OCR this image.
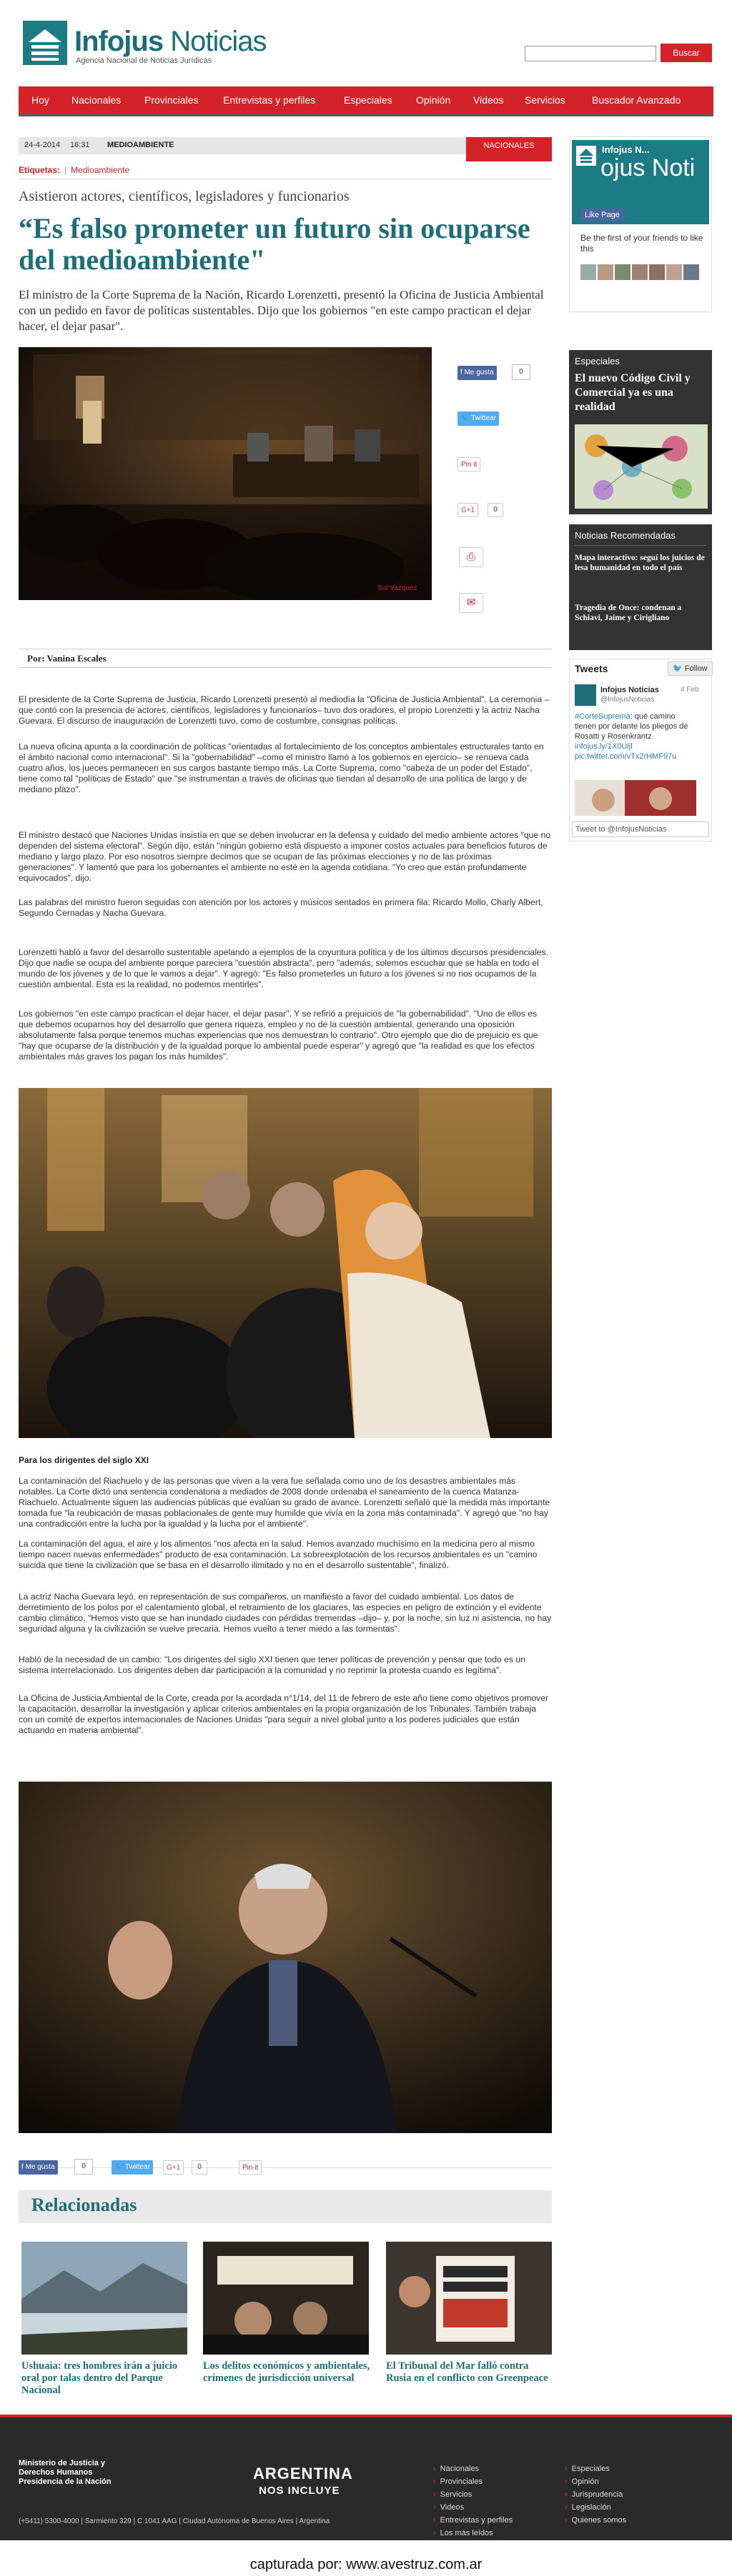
Infojus Noticias
Agencia Nacional de Noticias Jurídicas
Buscar
Hoy Nacionales Provinciales Entrevistas y perfiles	Especiales Opinión Videos Servicios	Buscador Avanzado
24-4-2014 16:31 MEDIOAMBIENTE	NACIONALES
Etiquetas: | Medioambiente
Asistieron actores, científicos, legisladores y funcionarios
“Es falso prometer un futuro sin ocuparse del medioambiente"
El ministro de la Corte Suprema de la Nación, Ricardo Lorenzetti, presentó la Oficina de Justicia Ambiental con un pedido en favor de políticas sustentables. Dijo que los gobiernos "en este campo practican el dejar hacer, el dejar pasar".
Sol Vazquez
f Me gusta	0
🐦 Twittear
Pin it
G+1	0
⎙
✉
Por: Vanina Escales

El presidente de la Corte Suprema de Justicia, Ricardo Lorenzetti presentó al mediodía la "Oficina de Justicia Ambiental". La ceremonia –que contó con la presencia de actores, científicos, legisladores y funcionarios– tuvo dos oradores, el propio Lorenzetti y la actriz Nacha Guevara. El discurso de inauguración de Lorenzetti tuvo, como de costumbre, consignas políticas.

La nueva oficina apunta a la coordinación de políticas "orientadas al fortalecimiento de los conceptos ambientales estructurales tanto en el ámbito nacional como internacional". Si la "gobernabilidad" –como el ministro llamó a los gobiernos en ejercicio– se renueva cada cuatro años, los jueces permanecen en sus cargos bastante tiempo más. La Corte Suprema, como "cabeza de un poder del Estado", tiene como tal "políticas de Estado" que "se instrumentan a través de oficinas que tiendan al desarrollo de una política de largo y de mediano plazo".

El ministro destacó que Naciones Unidas insistía en que se deben involucrar en la defensa y cuidado del medio ambiente actores "que no dependen del sistema electoral". Según dijo, están "ningún gobierno está dispuesto a imponer costos actuales para beneficios futuros de mediano y largo plazo. Por eso nosotros siempre decimos que se ocupan de las próximas elecciones y no de las próximas generaciones". Y lamentó que para los gobernantes el ambiente no esté en la agenda cotidiana. "Yo creo que están profundamente equivocados", dijo.

Las palabras del ministro fueron seguidas con atención por los actores y músicos sentados en primera fila: Ricardo Mollo, Charly Albert, Segundo Cernadas y Nacha Guevara.

Lorenzetti habló a favor del desarrollo sustentable apelando a ejemplos de la coyuntura política y de los últimos discursos presidenciales. Dijo que nadie se ocupa del ambiente porque pareciera "cuestión abstracta", pero "además, solemos escuchar que se habla en todo el mundo de los jóvenes y de lo que le vamos a dejar". Y agregó: "Es falso prometerles un futuro a los jóvenes si no nos ocupamos de la cuestión ambiental. Esta es la realidad, no podemos mentirles".

Los gobiernos "en este campo practican el dejar hacer, el dejar pasar". Y se refirió a prejuicios de "la gobernabilidad". "Uno de ellos es que debemos ocuparnos hoy del desarrollo que genera riqueza, empleo y no de la cuestión ambiental, generando una oposición absolutamente falsa porque tenemos muchas experiencias que nos demuestran lo contrario". Otro ejemplo que dio de prejuicio es que "hay que ocuparse de la distribución y de la igualdad porque lo ambiental puede esperar" y agregó que "la realidad es que los efectos ambientales más graves los pagan los más humildes".

Para los dirigentes del siglo XXI

La contaminación del Riachuelo y de las personas que viven a la vera fue señalada como uno de los desastres ambientales más notables. La Corte dictó una sentencia condenatoria a mediados de 2008 donde ordenaba el saneamiento de la cuenca Matanza-Riachuelo. Actualmente siguen las audiencias públicas que evalúan su grado de avance. Lorenzetti señaló que la medida más importante tomada fue "la reubicación de masas poblacionales de gente muy humilde que vivía en la zona más contaminada". Y agregó que "no hay una contradicción entre la lucha por la igualdad y la lucha por el ambiente".

La contaminación del agua, el aire y los alimentos "nos afecta en la salud. Hemos avanzado muchísimo en la medicina pero al mismo tiempo nacen nuevas enfermedades" producto de esa contaminación. La sobreexplotación de los recursos ambientales es un "camino suicida que tiene la civilización que se basa en el desarrollo ilimitado y no en el desarrollo sustentable", finalizó.

La actriz Nacha Guevara leyó, en representación de sus compañeros, un manifiesto a favor del cuidado ambiental. Los datos de derretimiento de los polos por el calentamiento global, el retraimiento de los glaciares, las especies en peligro de extinción y el evidente cambio climático, "Hemos visto que se han inundado ciudades con pérdidas tremendas –dijo– y, por la noche, sin luz ni asistencia, no hay seguridad alguna y la civilización se vuelve precaria. Hemos vuelto a tener miedo a las tormentas".

Habló de la necesidad de un cambio: "Los dirigentes del siglo XXI tienen que tener políticas de prevención y pensar que todo es un sistema interrelacionado. Los dirigentes deben dar participación a la comunidad y no reprimir la protesta cuando es legítima".

La Oficina de Justicia Ambiental de la Corte, creada por la acordada n°1/14, del 11 de febrero de este año tiene como objetivos promover la capacitación, desarrollar la investigación y aplicar criterios ambientales en la propia organización de los Tribunales. También trabaja con un comité de expertos internacionales de Naciones Unidas "para seguir a nivel global junto a los poderes judiciales que están actuando en materia ambiental".

f Me gusta	0	🐦 Twittear	G+1	0	Pin it
Relacionadas
Ushuaia: tres hombres irán a juicio oral por talas dentro del Parque Nacional
Los delitos económicos y ambientales, crímenes de jurisdicción universal
El Tribunal del Mar falló contra Rusia en el conflicto con Greenpeace
ojus Noti
Infojus N...
Like Page
Be the first of your friends to like this
Especiales
El nuevo Código Civil y Comercial ya es una realidad
Noticias Recomendadas
Mapa interactivo: seguí los juicios de lesa humanidad en todo el país
Tragedia de Once: condenan a Schiavi, Jaime y Cirigliano
Tweets	🐦 Follow
Infojus Noticias
@InfojusNoticias
4 Feb
#CorteSuprema: qué camino tienen por delante los pliegos de Rosatti y Rosenkrantz infojus.ly/1X0Uljl pic.twitter.com/vTx2rHMF97u
Tweet to @InfojusNoticias
Ministerio de Justicia y Derechos Humanos Presidencia de la Nación	ARGENTINA
NOS INCLUYE
(+5411) 5300-4000 | Sarmiento 329 | C 1041 AAG | Ciudad Autónoma de Buenos Aires | Argentina
› Nacionales
› Provinciales
› Servicios
› Videos
› Entrevistas y perfiles
› Los más leídos
› Especiales
› Opinión
› Jurisprudencia
› Legislación
› Quienes somos
capturada por: www.avestruz.com.ar
